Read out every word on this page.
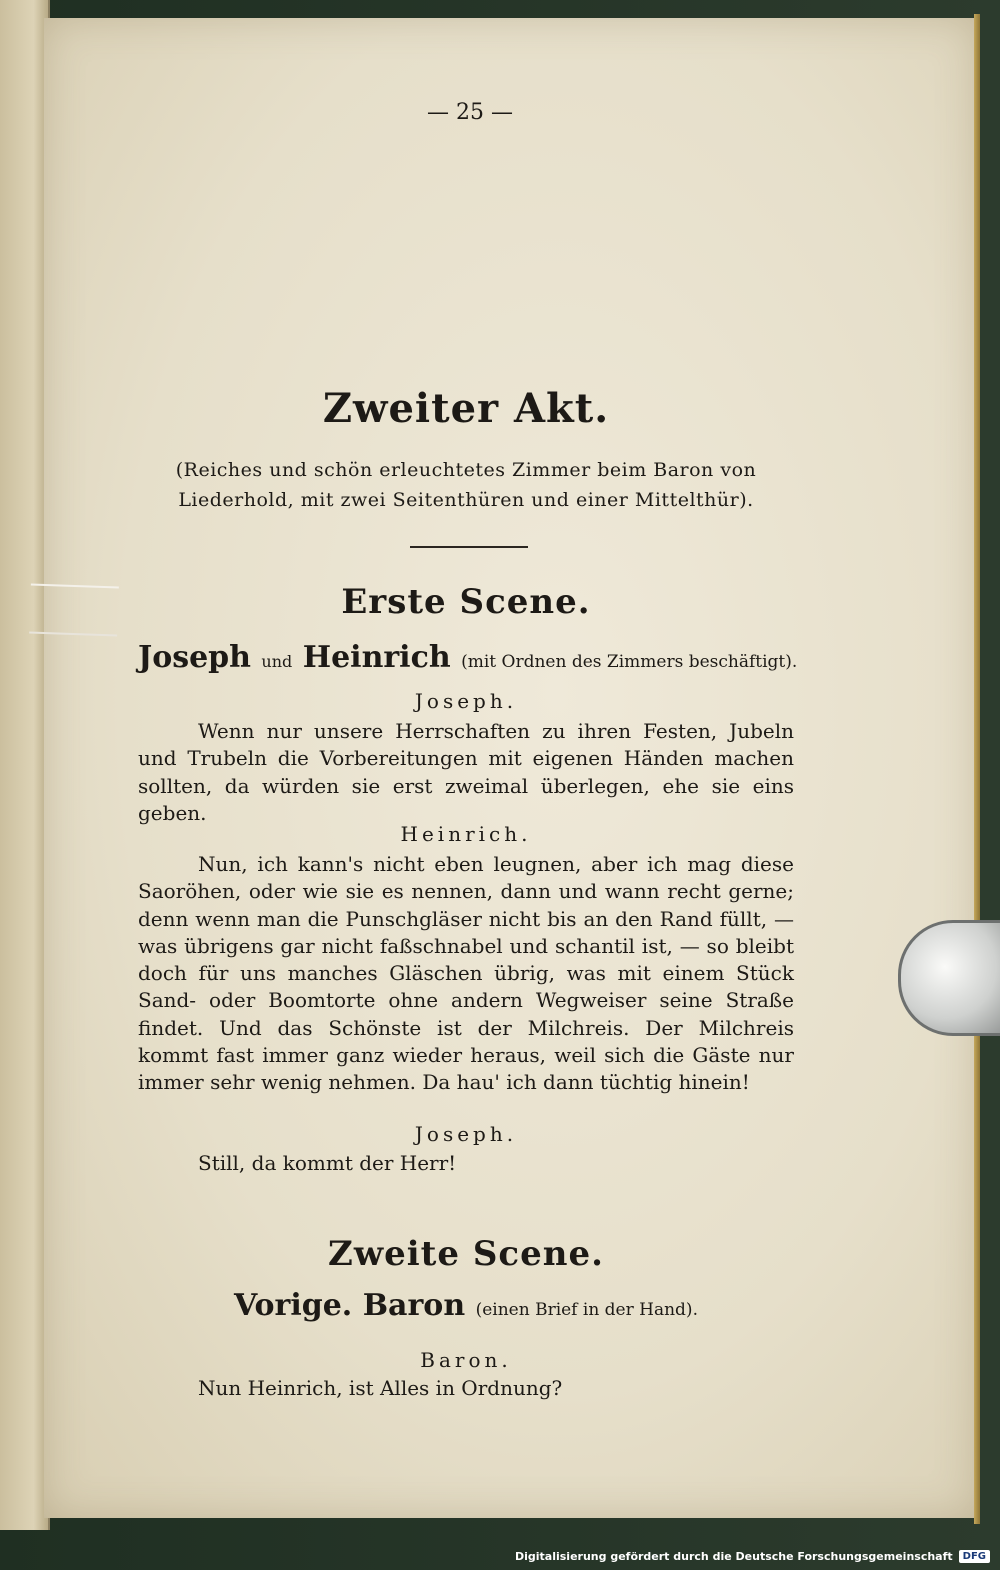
— 25 —
Zweiter Akt.
(Reiches und schön erleuchtetes Zimmer beim Baron von Liederhold, mit zwei Seitenthüren und einer Mittelthür).
Erste Scene.
Joseph und Heinrich (mit Ordnen des Zimmers beschäftigt).
Joseph.
Wenn nur unsere Herrschaften zu ihren Festen, Jubeln und Trubeln die Vorbereitungen mit eigenen Händen machen sollten, da würden sie erst zweimal überlegen, ehe sie eins geben.
Heinrich.
Nun, ich kann's nicht eben leugnen, aber ich mag diese Saoröhen, oder wie sie es nennen, dann und wann recht gerne; denn wenn man die Punschgläser nicht bis an den Rand füllt, — was übrigens gar nicht faßschnabel und schantil ist, — so bleibt doch für uns manches Gläschen übrig, was mit einem Stück Sand- oder Boomtorte ohne andern Wegweiser seine Straße findet. Und das Schönste ist der Milchreis. Der Milchreis kommt fast immer ganz wieder heraus, weil sich die Gäste nur immer sehr wenig nehmen. Da hau' ich dann tüchtig hinein!
Joseph.
Still, da kommt der Herr!
Zweite Scene.
Vorige. Baron (einen Brief in der Hand).
Baron.
Nun Heinrich, ist Alles in Ordnung?
Digitalisierung gefördert durch die Deutsche Forschungsgemeinschaft	DFG
